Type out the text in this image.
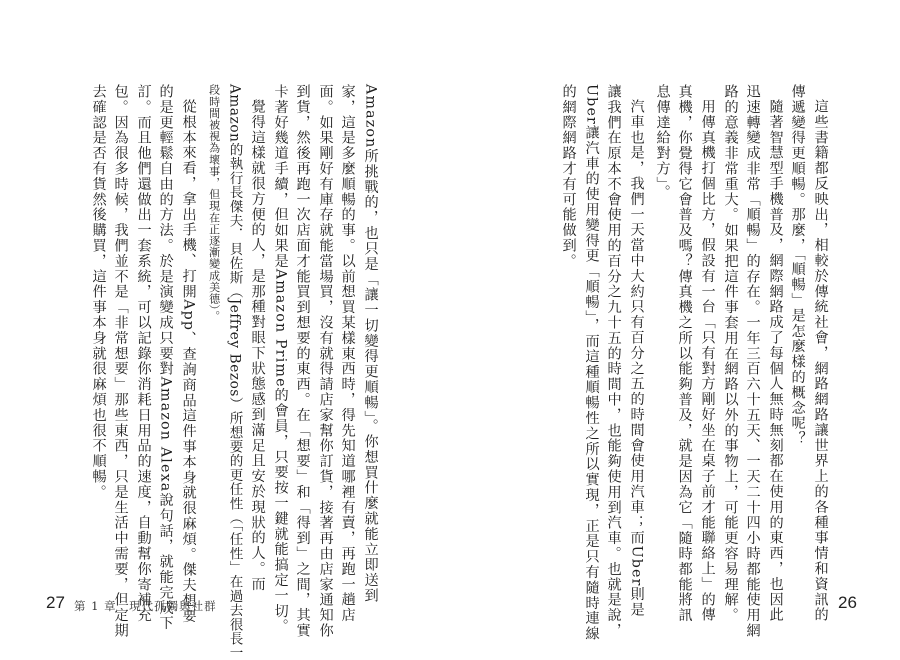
Amazon所挑戰的，也只是「讓一切變得更順暢」。你想買什麼就能立即送到
家，這是多麼順暢的事。以前想買某樣東西時，得先知道哪裡有賣，再跑一趟店
面。如果剛好有庫存就能當場買，沒有就得請店家幫你訂貨，接著再由店家通知你
到貨，然後再跑一次店面才能買到想要的東西。在「想要」和「得到」之間，其實
卡著好幾道手續，但如果是Amazon Prime的會員，只要按一鍵就能搞定一切。
覺得這樣就很方便的人，是那種對眼下狀態感到滿足且安於現狀的人。而
Amazon的執行長傑夫．貝佐斯（Jeffrey Bezos）所想要的更任性（「任性」在過去很長一
段時間被視為壞事，但現在正逐漸變成美德）。
從根本來看，拿出手機、打開App、查詢商品這件事本身就很麻煩。傑夫想要
的是更輕鬆自由的方法。於是演變成只要對Amazon Alexa說句話，就能完成下
訂。而且他們還做出一套系統，可以記錄你消耗日用品的速度，自動幫你寄補充
包。因為很多時候，我們並不是「非常想要」那些東西，只是生活中需要，但定期
去確認是否有貨然後購買，這件事本身就很麻煩也很不順暢。
27 第 1 章　現代孤獨與社群	這些書籍都反映出，相較於傳統社會，網路網路讓世界上的各種事情和資訊的
傳遞變得更順暢。那麼，「順暢」是怎麼樣的概念呢？
隨著智慧型手機普及，網際網路成了每個人無時無刻都在使用的東西，也因此
迅速轉變成非常「順暢」的存在。一年三百六十五天、一天二十四小時都能使用網
路的意義非常重大。如果把這件事套用在網路以外的事物上，可能更容易理解。
用傳真機打個比方，假設有一台「只有對方剛好坐在桌子前才能聯絡上」的傳
真機，你覺得它會普及嗎？傳真機之所以能夠普及，就是因為它「隨時都能將訊
息傳達給對方」。
汽車也是，我們一天當中大約只有百分之五的時間會使用汽車；而Uber則是
讓我們在原本不會使用的百分之九十五的時間中，也能夠使用到汽車。也就是說，
Uber讓汽車的使用變得更「順暢」，而這種順暢性之所以實現，正是只有隨時連線
的網際網路才有可能做到。
26
